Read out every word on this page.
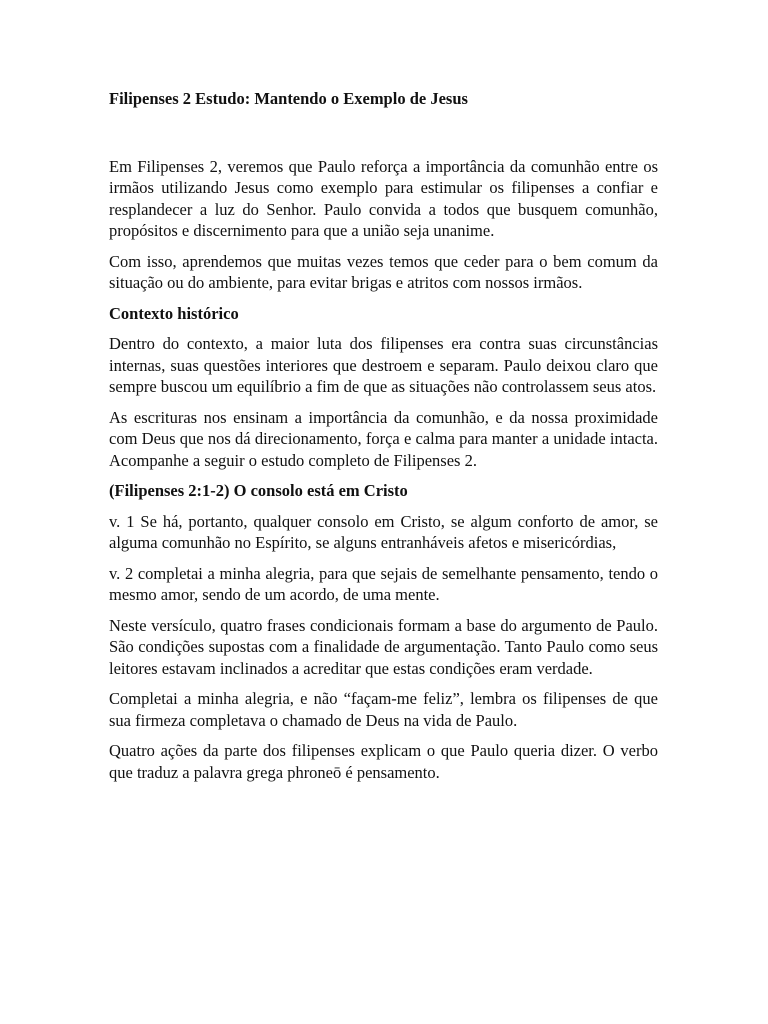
Filipenses 2 Estudo: Mantendo o Exemplo de Jesus

Em Filipenses 2, veremos que Paulo reforça a importância da comunhão entre os irmãos utilizando Jesus como exemplo para estimular os filipenses a confiar e resplandecer a luz do Senhor. Paulo convida a todos que busquem comunhão, propósitos e discernimento para que a união seja unanime.

Com isso, aprendemos que muitas vezes temos que ceder para o bem comum da situação ou do ambiente, para evitar brigas e atritos com nossos irmãos.

Contexto histórico

Dentro do contexto, a maior luta dos filipenses era contra suas circunstâncias internas, suas questões interiores que destroem e separam. Paulo deixou claro que sempre buscou um equilíbrio a fim de que as situações não controlassem seus atos.

As escrituras nos ensinam a importância da comunhão, e da nossa proximidade com Deus que nos dá direcionamento, força e calma para manter a unidade intacta. Acompanhe a seguir o estudo completo de Filipenses 2.

(Filipenses 2:1-2) O consolo está em Cristo

v. 1 Se há, portanto, qualquer consolo em Cristo, se algum conforto de amor, se alguma comunhão no Espírito, se alguns entranháveis afetos e misericórdias,

v. 2 completai a minha alegria, para que sejais de semelhante pensamento, tendo o mesmo amor, sendo de um acordo, de uma mente.

Neste versículo, quatro frases condicionais formam a base do argumento de Paulo. São condições supostas com a finalidade de argumentação. Tanto Paulo como seus leitores estavam inclinados a acreditar que estas condições eram verdade.

Completai a minha alegria, e não “façam-me feliz”, lembra os filipenses de que sua firmeza completava o chamado de Deus na vida de Paulo.

Quatro ações da parte dos filipenses explicam o que Paulo queria dizer. O verbo que traduz a palavra grega phroneō é pensamento.
